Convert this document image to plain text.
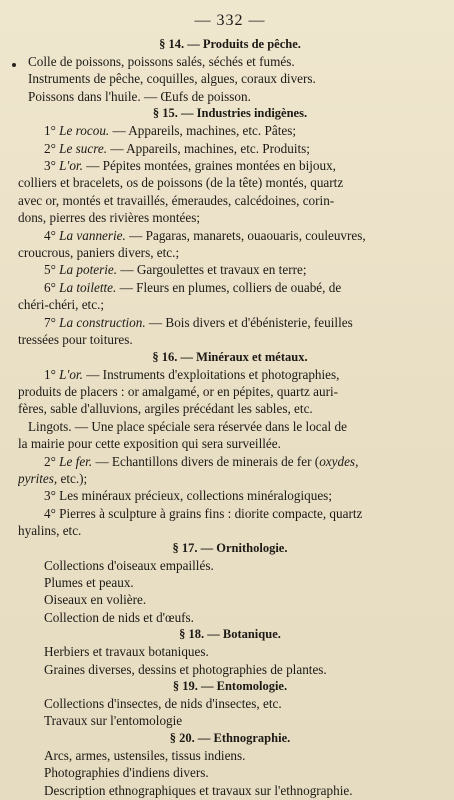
— 332 —

§ 14. — Produits de pêche.

Colle de poissons, poissons salés, séchés et fumés.

Instruments de pêche, coquilles, algues, coraux divers.

Poissons dans l'huile. — Œufs de poisson.

§ 15. — Industries indigènes.

1° Le rocou. — Appareils, machines, etc. Pâtes;

2° Le sucre. — Appareils, machines, etc. Produits;

3° L'or. — Pépites montées, graines montées en bijoux,

colliers et bracelets, os de poissons (de la tête) montés, quartz

avec or, montés et travaillés, émeraudes, calcédoines, corin-

dons, pierres des rivières montées;

4° La vannerie. — Pagaras, manarets, ouaouaris, couleuvres,

croucrous, paniers divers, etc.;

5° La poterie. — Gargoulettes et travaux en terre;

6° La toilette. — Fleurs en plumes, colliers de ouabé, de

chéri-chéri, etc.;

7° La construction. — Bois divers et d'ébénisterie, feuilles

tressées pour toitures.

§ 16. — Minéraux et métaux.

1° L'or. — Instruments d'exploitations et photographies,

produits de placers : or amalgamé, or en pépites, quartz auri-

fères, sable d'alluvions, argiles précédant les sables, etc.

Lingots. — Une place spéciale sera réservée dans le local de

la mairie pour cette exposition qui sera surveillée.

2° Le fer. — Echantillons divers de minerais de fer (oxydes,

pyrites, etc.);

3° Les minéraux précieux, collections minéralogiques;

4° Pierres à sculpture à grains fins : diorite compacte, quartz

hyalins, etc.

§ 17. — Ornithologie.

Collections d'oiseaux empaillés.

Plumes et peaux.

Oiseaux en volière.

Collection de nids et d'œufs.

§ 18. — Botanique.

Herbiers et travaux botaniques.

Graines diverses, dessins et photographies de plantes.

§ 19. — Entomologie.

Collections d'insectes, de nids d'insectes, etc.

Travaux sur l'entomologie

§ 20. — Ethnographie.

Arcs, armes, ustensiles, tissus indiens.

Photographies d'indiens divers.

Description ethnographiques et travaux sur l'ethnographie.
